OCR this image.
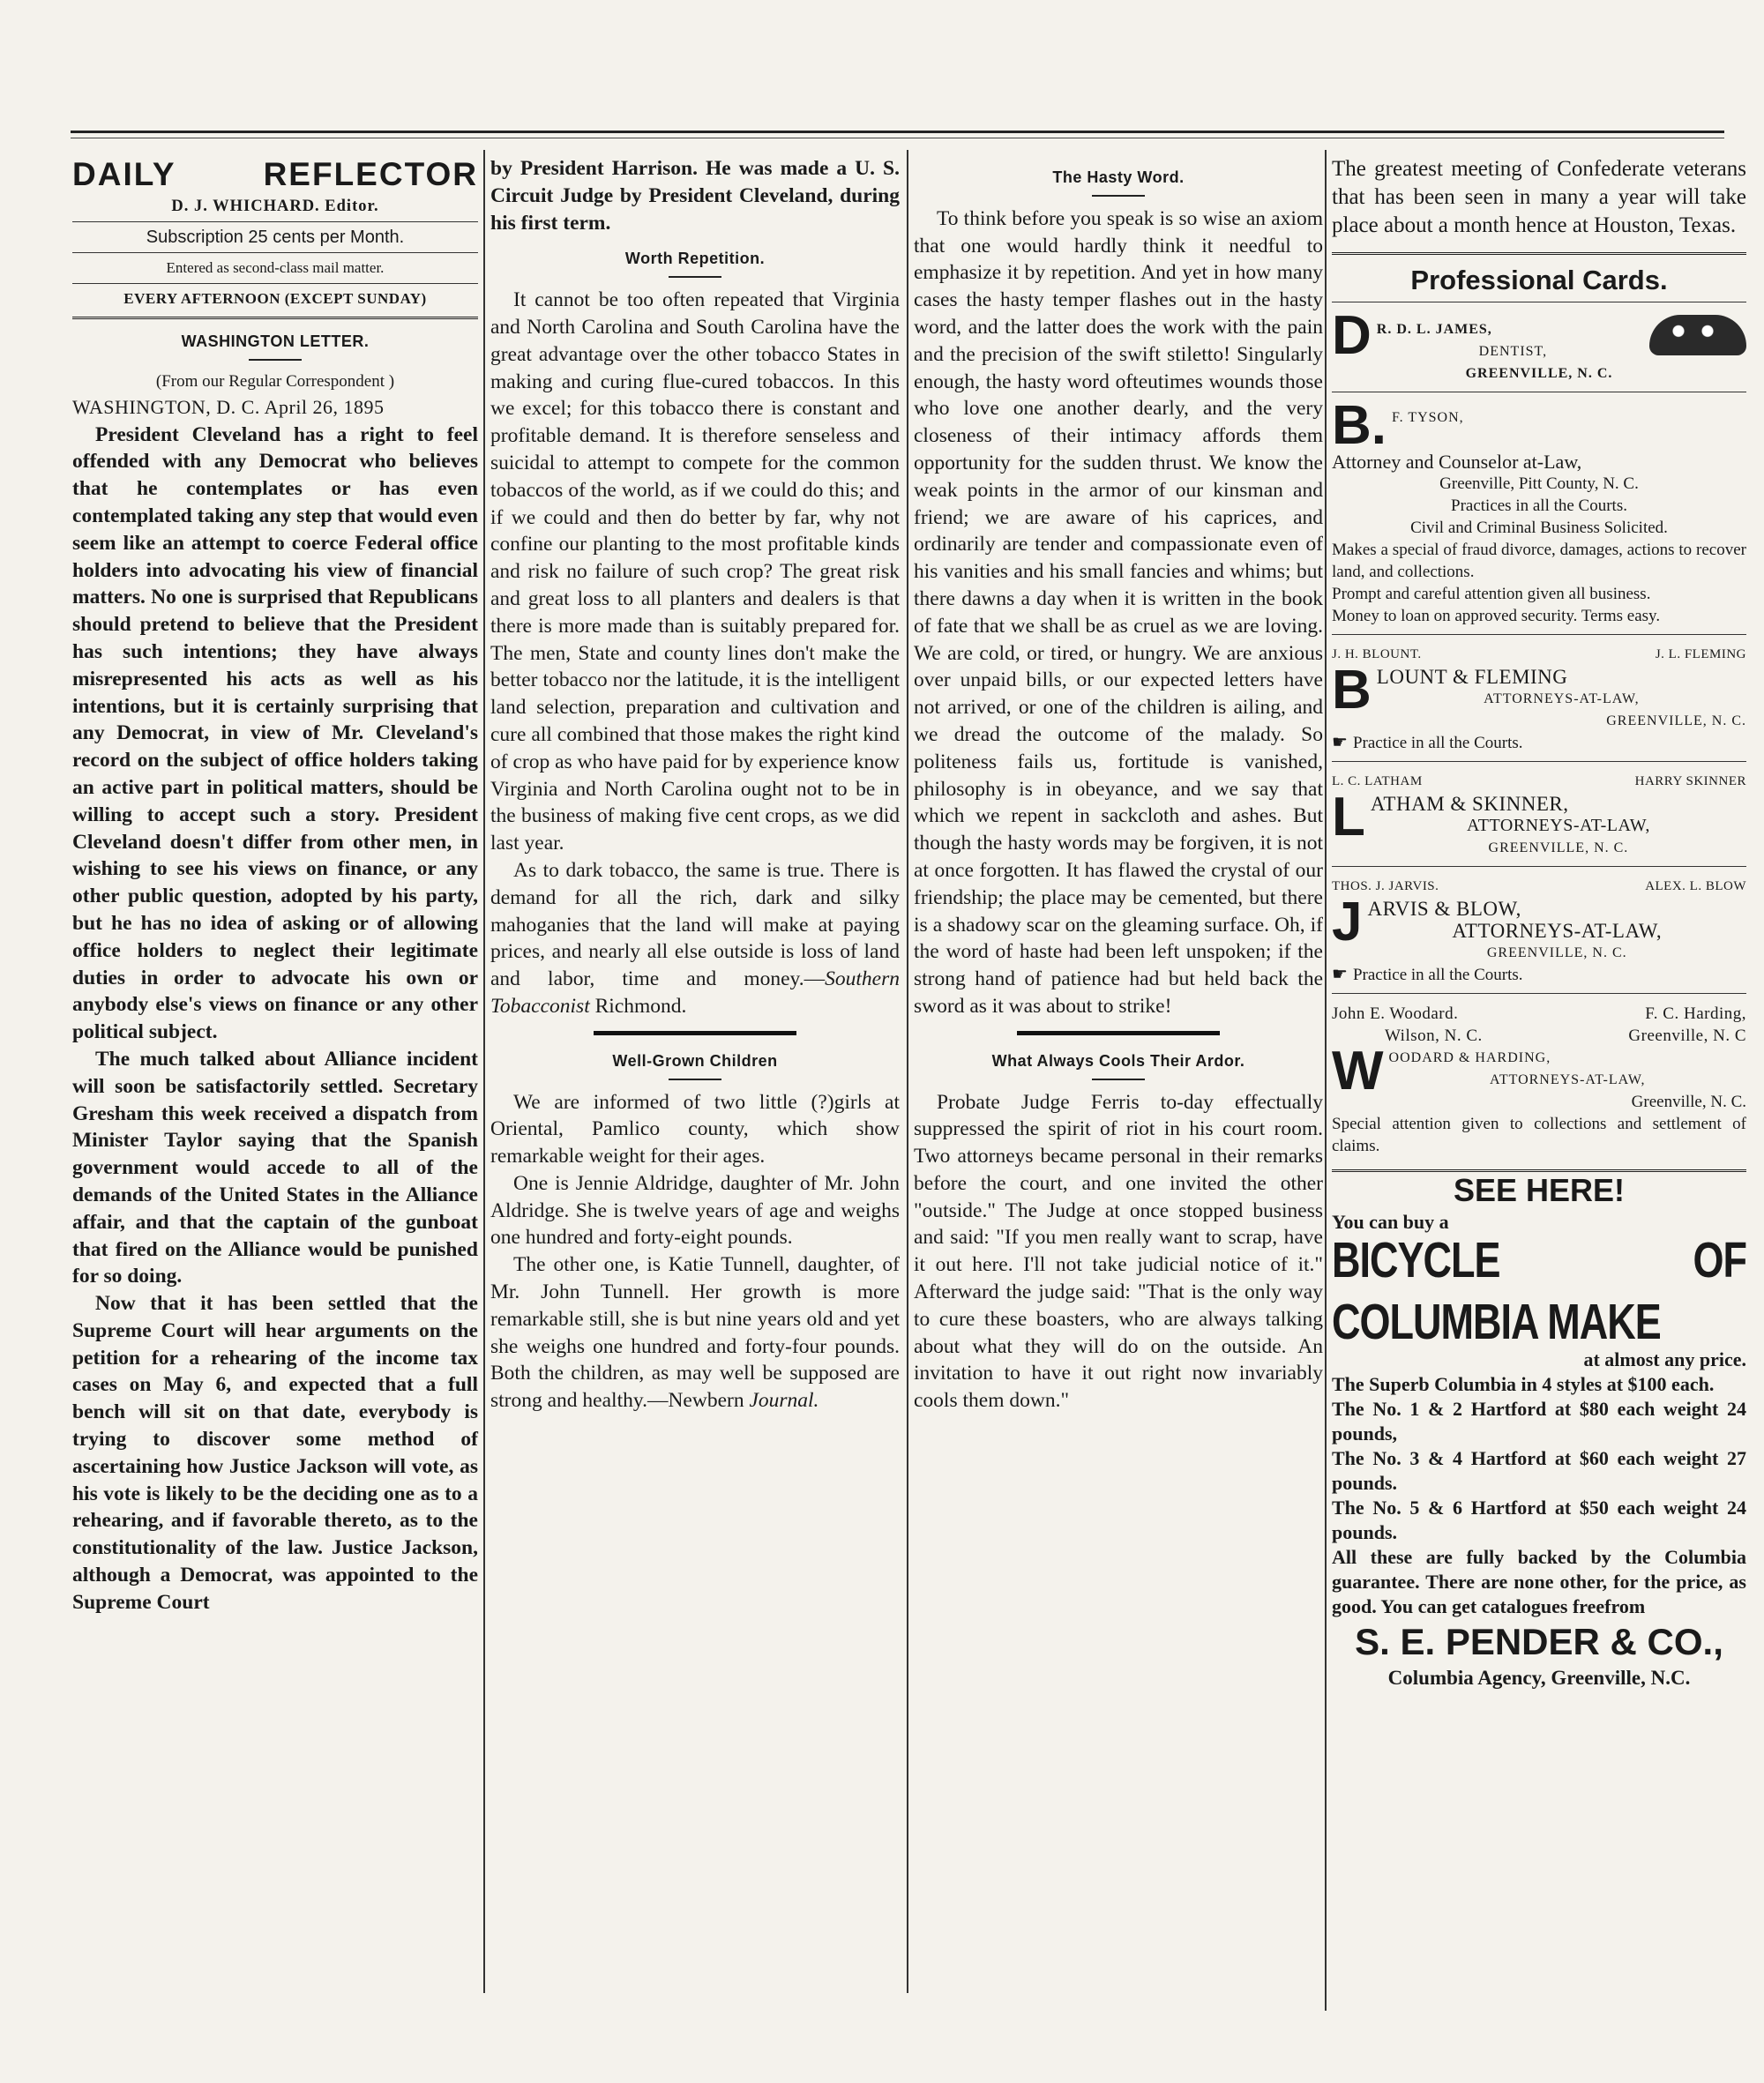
DAILY	REFLECTOR
D. J. WHICHARD. Editor.
Subscription 25 cents per Month.
Entered as second-class mail matter.
EVERY AFTERNOON (EXCEPT SUNDAY)
WASHINGTON LETTER.
(From our Regular Correspondent )

WASHINGTON, D. C. April 26, 1895

President Cleveland has a right to feel offended with any Democrat who believes that he contemplates or has even contemplated taking any step that would even seem like an attempt to coerce Federal office holders into advocating his view of financial matters. No one is surprised that Republicans should pretend to believe that the President has such intentions; they have always misrepresented his acts as well as his intentions, but it is certainly surprising that any Democrat, in view of Mr. Cleveland's record on the subject of office holders taking an active part in political matters, should be willing to accept such a story. President Cleveland doesn't differ from other men, in wishing to see his views on finance, or any other public question, adopted by his party, but he has no idea of asking or of allowing office holders to neglect their legitimate duties in order to advocate his own or anybody else's views on finance or any other political subject.

The much talked about Alliance incident will soon be satisfactorily settled. Secretary Gresham this week received a dispatch from Minister Taylor saying that the Spanish government would accede to all of the demands of the United States in the Alliance affair, and that the captain of the gunboat that fired on the Alliance would be punished for so doing.

Now that it has been settled that the Supreme Court will hear arguments on the petition for a rehearing of the income tax cases on May 6, and expected that a full bench will sit on that date, everybody is trying to discover some method of ascertaining how Justice Jackson will vote, as his vote is likely to be the deciding one as to a rehearing, and if favorable thereto, as to the constitutionality of the law. Justice Jackson, although a Democrat, was appointed to the Supreme Court

by President Harrison. He was made a U. S. Circuit Judge by President Cleveland, during his first term.

Worth Repetition.

It cannot be too often repeated that Virginia and North Carolina and South Carolina have the great advantage over the other tobacco States in making and curing flue-cured tobaccos. In this we excel; for this tobacco there is constant and profitable demand. It is therefore senseless and suicidal to attempt to compete for the common tobaccos of the world, as if we could do this; and if we could and then do better by far, why not confine our planting to the most profitable kinds and risk no failure of such crop? The great risk and great loss to all planters and dealers is that there is more made than is suitably prepared for. The men, State and county lines don't make the better tobacco nor the latitude, it is the intelligent land selection, preparation and cultivation and cure all combined that those makes the right kind of crop as who have paid for by experience know Virginia and North Carolina ought not to be in the business of making five cent crops, as we did last year.

As to dark tobacco, the same is true. There is demand for all the rich, dark and silky mahoganies that the land will make at paying prices, and nearly all else outside is loss of land and labor, time and money.—Southern Tobacconist Richmond.

Well-Grown Children

We are informed of two little (?)girls at Oriental, Pamlico county, which show remarkable weight for their ages.

One is Jennie Aldridge, daughter of Mr. John Aldridge. She is twelve years of age and weighs one hundred and forty-eight pounds.

The other one, is Katie Tunnell, daughter, of Mr. John Tunnell. Her growth is more remarkable still, she is but nine years old and yet she weighs one hundred and forty-four pounds. Both the children, as may well be supposed are strong and healthy.—Newbern Journal.

The Hasty Word.

To think before you speak is so wise an axiom that one would hardly think it needful to emphasize it by repetition. And yet in how many cases the hasty temper flashes out in the hasty word, and the latter does the work with the pain and the precision of the swift stiletto! Singularly enough, the hasty word ofteutimes wounds those who love one another dearly, and the very closeness of their intimacy affords them opportunity for the sudden thrust. We know the weak points in the armor of our kinsman and friend; we are aware of his caprices, and ordinarily are tender and compassionate even of his vanities and his small fancies and whims; but there dawns a day when it is written in the book of fate that we shall be as cruel as we are loving. We are cold, or tired, or hungry. We are anxious over unpaid bills, or our expected letters have not arrived, or one of the children is ailing, and we dread the outcome of the malady. So politeness fails us, fortitude is vanished, philosophy is in obeyance, and we say that which we repent in sackcloth and ashes. But though the hasty words may be forgiven, it is not at once forgotten. It has flawed the crystal of our friendship; the place may be cemented, but there is a shadowy scar on the gleaming surface. Oh, if the word of haste had been left unspoken; if the strong hand of patience had but held back the sword as it was about to strike!

What Always Cools Their Ardor.

Probate Judge Ferris to-day effectually suppressed the spirit of riot in his court room. Two attorneys became personal in their remarks before the court, and one invited the other "outside." The Judge at once stopped business and said: "If you men really want to scrap, have it out here. I'll not take judicial notice of it." Afterward the judge said: "That is the only way to cure these boasters, who are always talking about what they will do on the outside. An invitation to have it out right now invariably cools them down."

The greatest meeting of Confederate veterans that has been seen in many a year will take place about a month hence at Houston, Texas.

Professional Cards.
D R. D. L. JAMES,
DENTIST,
GREENVILLE, N. C.
B. F. TYSON,
Attorney and Counselor at-Law,
Greenville, Pitt County, N. C.
Practices in all the Courts.
Civil and Criminal Business Solicited.
Makes a special of fraud divorce, damages, actions to recover land, and collections.
Prompt and careful attention given all business.
Money to loan on approved security. Terms easy.
J. H. BLOUNT.	J. L. FLEMING
B LOUNT & FLEMING
ATTORNEYS-AT-LAW,
GREENVILLE, N. C.
☛ Practice in all the Courts.
L. C. LATHAM	HARRY SKINNER
L ATHAM & SKINNER,
ATTORNEYS-AT-LAW,
GREENVILLE, N. C.
THOS. J. JARVIS.	ALEX. L. BLOW
J ARVIS & BLOW,
ATTORNEYS-AT-LAW,
GREENVILLE, N. C.
☛ Practice in all the Courts.
John E. Woodard.	F. C. Harding,
Wilson, N. C.	Greenville, N. C
W OODARD & HARDING,
ATTORNEYS-AT-LAW,
Greenville, N. C.
Special attention given to collections and settlement of claims.
SEE HERE!
You can buy a
BICYCLE OF COLUMBIA MAKE
at almost any price.
The Superb Columbia in 4 styles at $100 each.
The No. 1 & 2 Hartford at $80 each weight 24 pounds,
The No. 3 & 4 Hartford at $60 each weight 27 pounds.
The No. 5 & 6 Hartford at $50 each weight 24 pounds.
All these are fully backed by the Columbia guarantee. There are none other, for the price, as good. You can get catalogues freefrom
S. E. PENDER & CO.,
Columbia Agency, Greenville, N.C.
